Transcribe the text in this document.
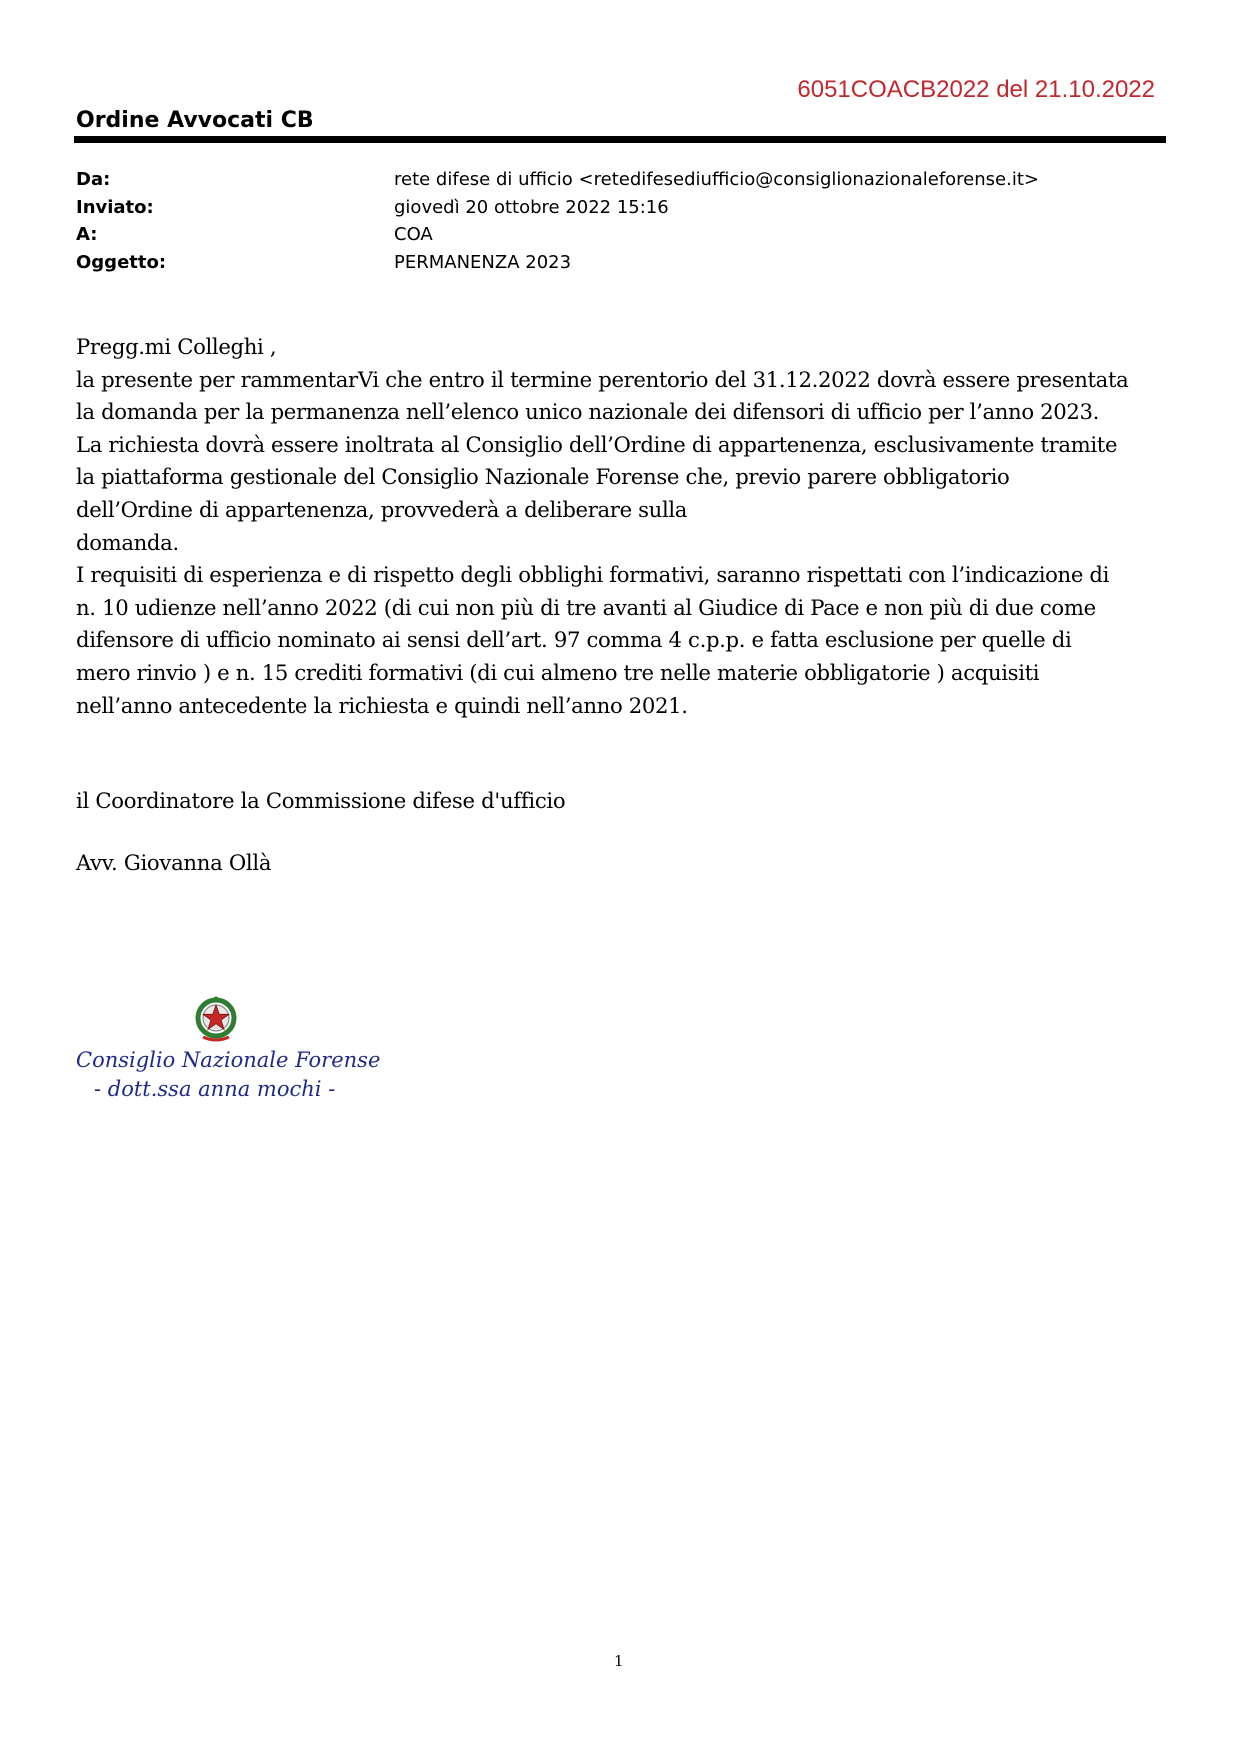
6051COACB2022 del 21.10.2022
Ordine Avvocati CB
Da:	rete difese di ufficio <retedifesediufficio@consiglionazionaleforense.it>
Inviato:	giovedì 20 ottobre 2022 15:16
A:	COA
Oggetto:	PERMANENZA 2023

Pregg.mi Colleghi ,

la presente per rammentarVi che entro il termine perentorio del 31.12.2022 dovrà essere presentata

la domanda per la permanenza nell’elenco unico nazionale dei difensori di ufficio per l’anno 2023.

La richiesta dovrà essere inoltrata al Consiglio dell’Ordine di appartenenza, esclusivamente tramite

la piattaforma gestionale del Consiglio Nazionale Forense che, previo parere obbligatorio

dell’Ordine di appartenenza, provvederà a deliberare sulla

domanda.

I requisiti di esperienza e di rispetto degli obblighi formativi, saranno rispettati con l’indicazione di

n. 10 udienze nell’anno 2022 (di cui non più di tre avanti al Giudice di Pace e non più di due come

difensore di ufficio nominato ai sensi dell’art. 97 comma 4 c.p.p. e fatta esclusione per quelle di

mero rinvio ) e n. 15 crediti formativi (di cui almeno tre nelle materie obbligatorie ) acquisiti

nell’anno antecedente la richiesta e quindi nell’anno 2021.

il Coordinatore la Commissione difese d'ufficio
Avv. Giovanna Ollà
Consiglio Nazionale Forense
- dott.ssa anna mochi -
1
